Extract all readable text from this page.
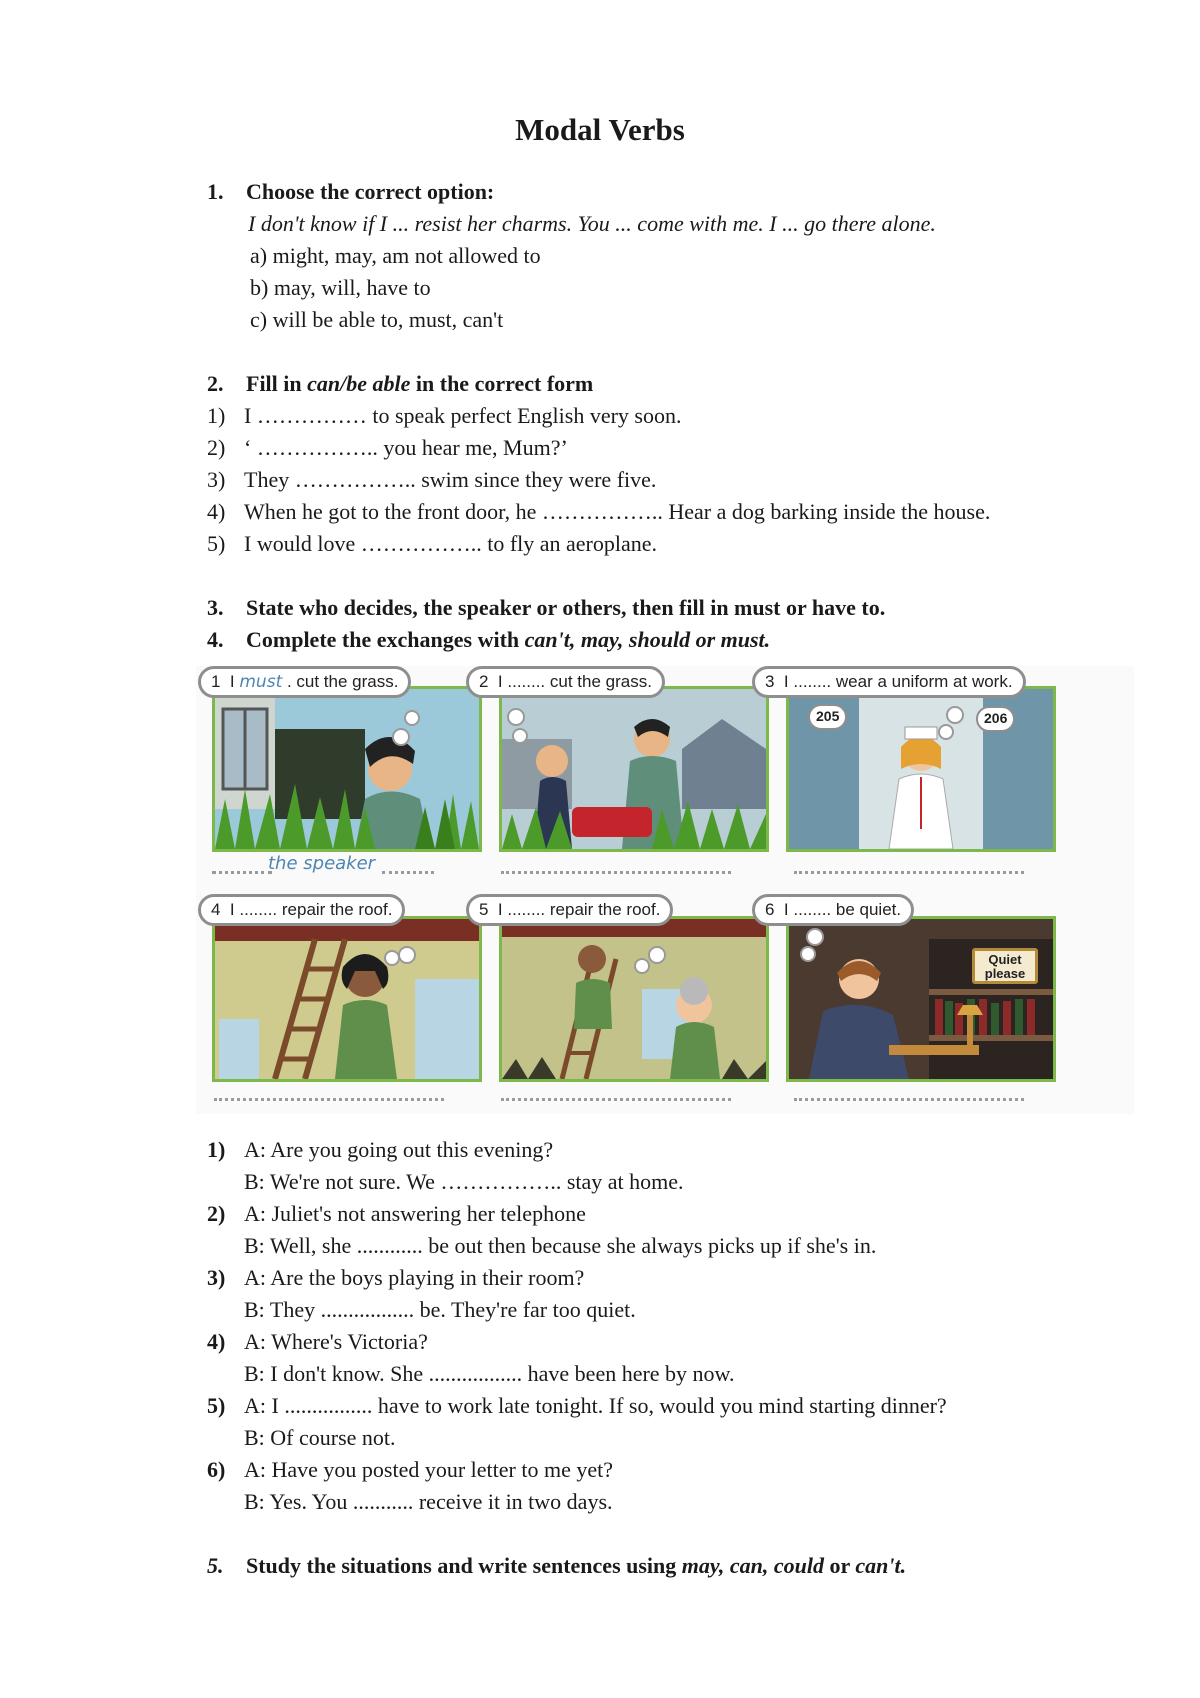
Modal Verbs
1. Choose the correct option:
I don't know if I ... resist her charms. You ... come with me. I ... go there alone.
a) might, may, am not allowed to
b) may, will, have to
c) will be able to, must, can't
2. Fill in can/be able in the correct form
1) I …………… to speak perfect English very soon.
2) ‘ …………….. you hear me, Mum?’
3) They …………….. swim since they were five.
4) When he got to the front door, he …………….. Hear a dog barking inside the house.
5) I would love …………….. to fly an aeroplane.
3. State who decides, the speaker or others, then fill in must or have to.
4. Complete the exchanges with can't, may, should or must.
1 I must . cut the grass.
the speaker
2 I ........ cut the grass.	3 I ........ wear a uniform at work.
205	206
4 I ........ repair the roof.	5 I ........ repair the roof.	6 I ........ be quiet.
Quiet please
1) A: Are you going out this evening?
B: We're not sure. We …………….. stay at home.
2) A: Juliet's not answering her telephone
B: Well, she ............ be out then because she always picks up if she's in.
3) A: Are the boys playing in their room?
B: They ................. be. They're far too quiet.
4) A: Where's Victoria?
B: I don't know. She ................. have been here by now.
5) A: I ................ have to work late tonight. If so, would you mind starting dinner?
B: Of course not.
6) A: Have you posted your letter to me yet?
B: Yes. You ........... receive it in two days.
5. Study the situations and write sentences using may, can, could or can't.
